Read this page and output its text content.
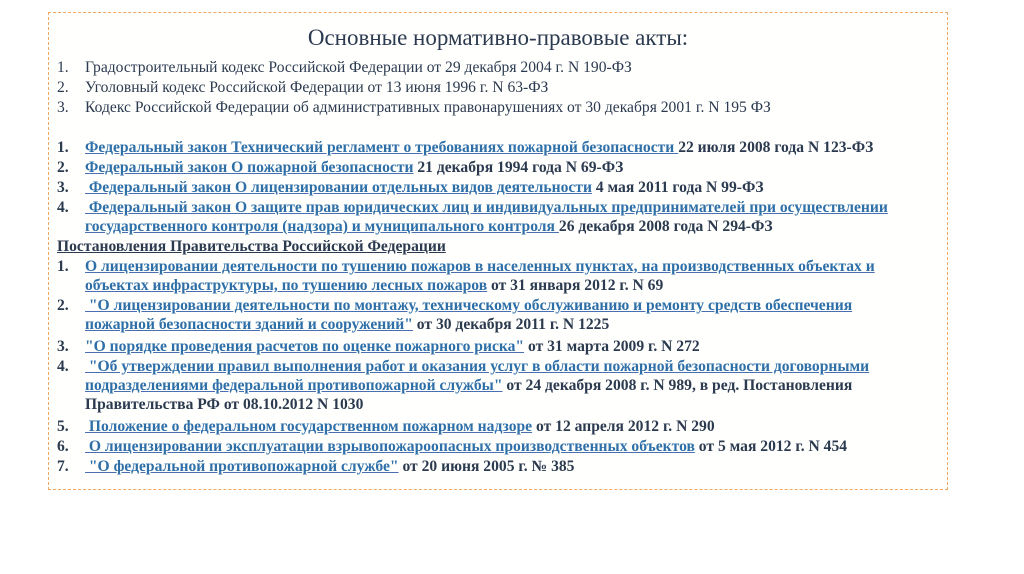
Основные нормативно-правовые акты:
1. Градостроительный кодекс Российской Федерации от 29 декабря 2004 г. N 190-ФЗ
2. Уголовный кодекс Российской Федерации от 13 июня 1996 г. N 63-ФЗ
3. Кодекс Российской Федерации об административных правонарушениях от 30 декабря 2001 г. N 195 ФЗ
1. Федеральный закон Технический регламент о требованиях пожарной безопасности 22 июля 2008 года N 123-ФЗ
2. Федеральный закон О пожарной безопасности 21 декабря 1994 года N 69-ФЗ
3. Федеральный закон О лицензировании отдельных видов деятельности 4 мая 2011 года N 99-ФЗ
4. Федеральный закон О защите прав юридических лиц и индивидуальных предпринимателей при осуществлении
государственного контроля (надзора) и муниципального контроля 26 декабря 2008 года N 294-ФЗ
Постановления Правительства Российской Федерации
1. О лицензировании деятельности по тушению пожаров в населенных пунктах, на производственных объектах и
объектах инфраструктуры, по тушению лесных пожаров от 31 января 2012 г. N 69
2. "О лицензировании деятельности по монтажу, техническому обслуживанию и ремонту средств обеспечения
пожарной безопасности зданий и сооружений" от 30 декабря 2011 г. N 1225
3. "О порядке проведения расчетов по оценке пожарного риска" от 31 марта 2009 г. N 272
4. "Об утверждении правил выполнения работ и оказания услуг в области пожарной безопасности договорными
подразделениями федеральной противопожарной службы" от 24 декабря 2008 г. N 989, в ред. Постановления
Правительства РФ от 08.10.2012 N 1030
5. Положение о федеральном государственном пожарном надзоре от 12 апреля 2012 г. N 290
6. О лицензировании эксплуатации взрывопожароопасных производственных объектов от 5 мая 2012 г. N 454
7. "О федеральной противопожарной службе" от 20 июня 2005 г. № 385
